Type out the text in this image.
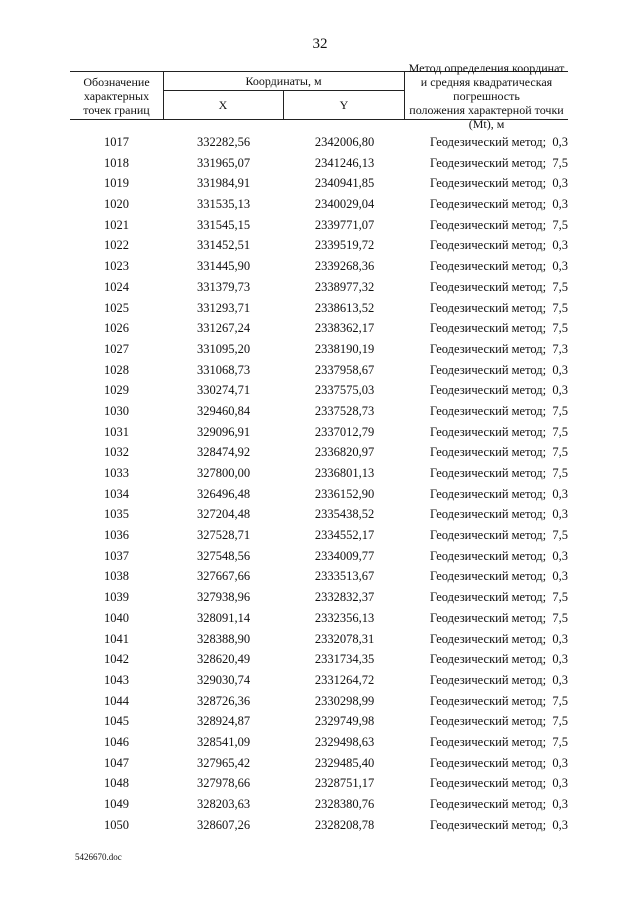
32
Обозначение
характерных
точек границ
Координаты, м
X	Y
Метод определения координат
и средняя квадратическая погрешность
положения характерной точки (Mt), м
1017	332282,56	2342006,80	Геодезический метод;  0,3
1018	331965,07	2341246,13	Геодезический метод;  7,5
1019	331984,91	2340941,85	Геодезический метод;  0,3
1020	331535,13	2340029,04	Геодезический метод;  0,3
1021	331545,15	2339771,07	Геодезический метод;  7,5
1022	331452,51	2339519,72	Геодезический метод;  0,3
1023	331445,90	2339268,36	Геодезический метод;  0,3
1024	331379,73	2338977,32	Геодезический метод;  7,5
1025	331293,71	2338613,52	Геодезический метод;  7,5
1026	331267,24	2338362,17	Геодезический метод;  7,5
1027	331095,20	2338190,19	Геодезический метод;  7,3
1028	331068,73	2337958,67	Геодезический метод;  0,3
1029	330274,71	2337575,03	Геодезический метод;  0,3
1030	329460,84	2337528,73	Геодезический метод;  7,5
1031	329096,91	2337012,79	Геодезический метод;  7,5
1032	328474,92	2336820,97	Геодезический метод;  7,5
1033	327800,00	2336801,13	Геодезический метод;  7,5
1034	326496,48	2336152,90	Геодезический метод;  0,3
1035	327204,48	2335438,52	Геодезический метод;  0,3
1036	327528,71	2334552,17	Геодезический метод;  7,5
1037	327548,56	2334009,77	Геодезический метод;  0,3
1038	327667,66	2333513,67	Геодезический метод;  0,3
1039	327938,96	2332832,37	Геодезический метод;  7,5
1040	328091,14	2332356,13	Геодезический метод;  7,5
1041	328388,90	2332078,31	Геодезический метод;  0,3
1042	328620,49	2331734,35	Геодезический метод;  0,3
1043	329030,74	2331264,72	Геодезический метод;  0,3
1044	328726,36	2330298,99	Геодезический метод;  7,5
1045	328924,87	2329749,98	Геодезический метод;  7,5
1046	328541,09	2329498,63	Геодезический метод;  7,5
1047	327965,42	2329485,40	Геодезический метод;  0,3
1048	327978,66	2328751,17	Геодезический метод;  0,3
1049	328203,63	2328380,76	Геодезический метод;  0,3
1050	328607,26	2328208,78	Геодезический метод;  0,3
5426670.doc
